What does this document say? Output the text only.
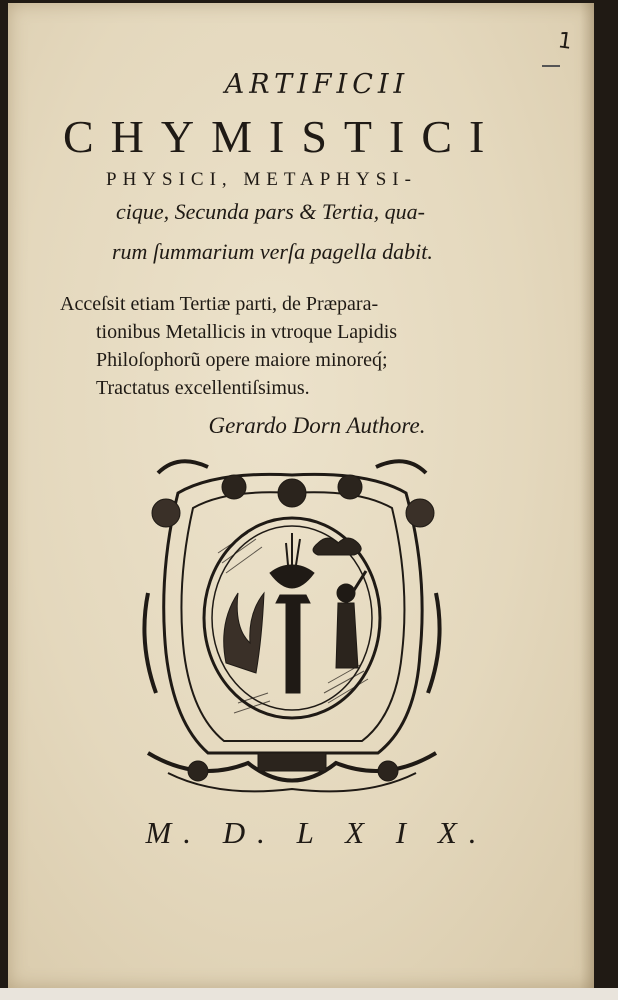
1
ARTIFICII
CHYMISTICI
PHYSICI, METAPHYSI-
cique, Secunda pars & Tertia, qua-
rum ſummarium verſa pagella dabit.
Acceſsit etiam Tertiæ parti, de Præpara-
tionibus Metallicis in vtroque Lapidis
Philoſophorũ opere maiore minoreq́;
Tractatus excellentiſsimus.
Gerardo Dorn Authore.
M. D. L X I X.
